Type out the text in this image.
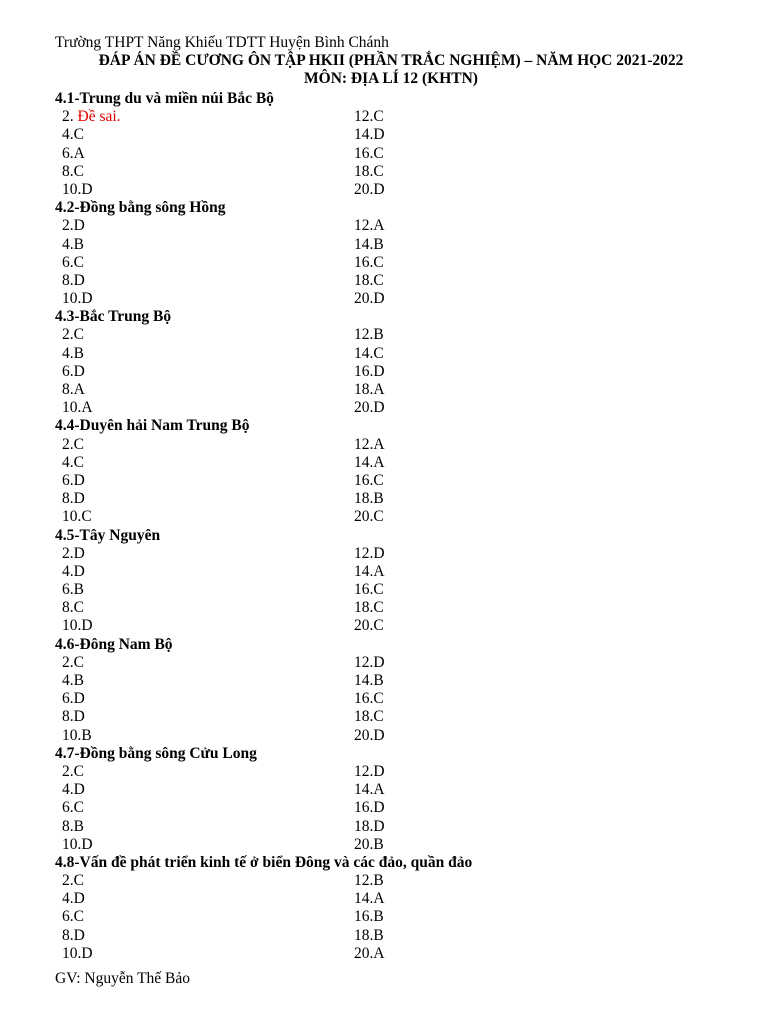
Trường THPT Năng Khiếu TDTT Huyện Bình Chánh
ĐÁP ÁN ĐỀ CƯƠNG ÔN TẬP HKII (PHẦN TRẮC NGHIỆM) – NĂM HỌC 2021-2022
MÔN: ĐỊA LÍ 12 (KHTN)
4.1-Trung du và miền núi Bắc Bộ
2. Đề sai.	12.C
4.C	14.D
6.A	16.C
8.C	18.C
10.D	20.D
4.2-Đồng bằng sông Hồng
2.D	12.A
4.B	14.B
6.C	16.C
8.D	18.C
10.D	20.D
4.3-Bắc Trung Bộ
2.C	12.B
4.B	14.C
6.D	16.D
8.A	18.A
10.A	20.D
4.4-Duyên hải Nam Trung Bộ
2.C	12.A
4.C	14.A
6.D	16.C
8.D	18.B
10.C	20.C
4.5-Tây Nguyên
2.D	12.D
4.D	14.A
6.B	16.C
8.C	18.C
10.D	20.C
4.6-Đông Nam Bộ
2.C	12.D
4.B	14.B
6.D	16.C
8.D	18.C
10.B	20.D
4.7-Đồng bằng sông Cửu Long
2.C	12.D
4.D	14.A
6.C	16.D
8.B	18.D
10.D	20.B
4.8-Vấn đề phát triển kinh tế ở biển Đông và các đảo, quần đảo
2.C	12.B
4.D	14.A
6.C	16.B
8.D	18.B
10.D	20.A
GV: Nguyễn Thế Bảo
